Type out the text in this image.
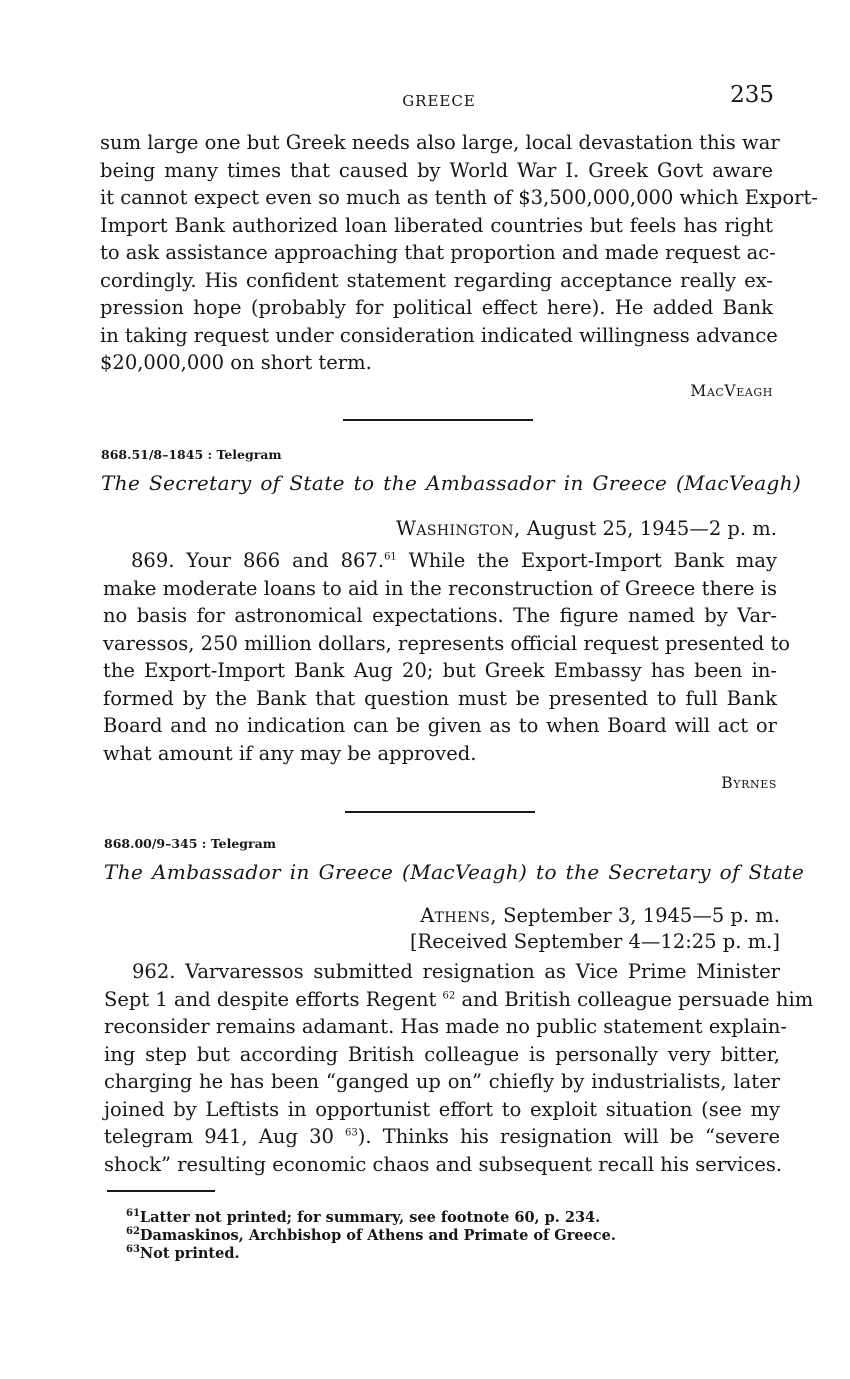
GREECE	235
sum large one but Greek needs also large, local devastation this war
being many times that caused by World War I. Greek Govt aware
it cannot expect even so much as tenth of $3,500,000,000 which Export-
Import Bank authorized loan liberated countries but feels has right
to ask assistance approaching that proportion and made request ac-
cordingly. His confident statement regarding acceptance really ex-
pression hope (probably for political effect here). He added Bank
in taking request under consideration indicated willingness advance
$20,000,000 on short term.
MacVeagh
868.51/8–1845 : Telegram
The Secretary of State to the Ambassador in Greece (MacVeagh)
Washington, August 25, 1945—2 p. m.
869. Your 866 and 867.61 While the Export-Import Bank may
make moderate loans to aid in the reconstruction of Greece there is
no basis for astronomical expectations. The figure named by Var-
varessos, 250 million dollars, represents official request presented to
the Export-Import Bank Aug 20; but Greek Embassy has been in-
formed by the Bank that question must be presented to full Bank
Board and no indication can be given as to when Board will act or
what amount if any may be approved.
Byrnes
868.00/9–345 : Telegram
The Ambassador in Greece (MacVeagh) to the Secretary of State
Athens, September 3, 1945—5 p. m.
[Received September 4—12:25 p. m.]
962. Varvaressos submitted resignation as Vice Prime Minister
Sept 1 and despite efforts Regent $^{62}$ and British colleague persuade him
reconsider remains adamant. Has made no public statement explain-
ing step but according British colleague is personally very bitter,
charging he has been “ganged up on” chiefly by industrialists, later
joined by Leftists in opportunist effort to exploit situation (see my
telegram 941, Aug 30 $^{63}$). Thinks his resignation will be “severe
shock” resulting economic chaos and subsequent recall his services.
$^{61}$Latter not printed; for summary, see footnote 60, p. 234.
$^{62}$Damaskinos, Archbishop of Athens and Primate of Greece.
$^{63}$Not printed.
